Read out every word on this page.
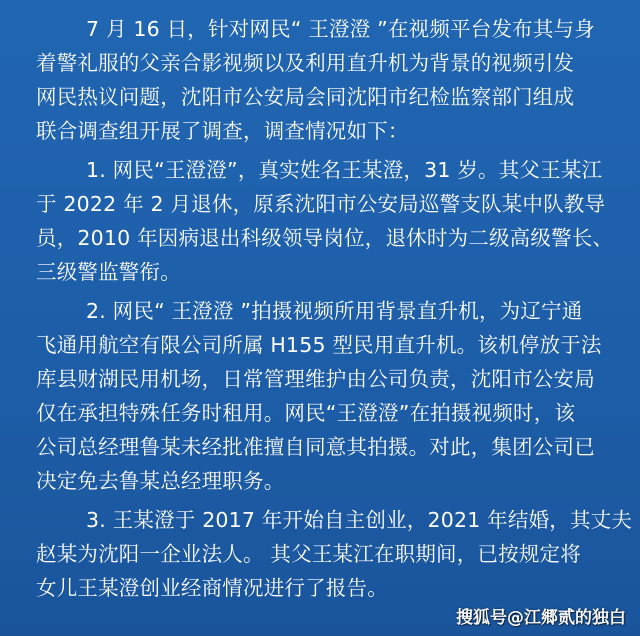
7 月 16 日，针对网民“ 王澄澄 ”在视频平台发布其与身
着警礼服的父亲合影视频以及利用直升机为背景的视频引发
网民热议问题，沈阳市公安局会同沈阳市纪检监察部门组成
联合调查组开展了调查，调查情况如下：
1. 网民“王澄澄”，真实姓名王某澄，31 岁。其父王某江
于 2022 年 2 月退休，原系沈阳市公安局巡警支队某中队教导
员，2010 年因病退出科级领导岗位，退休时为二级高级警长、
三级警监警衔。
2. 网民“ 王澄澄 ”拍摄视频所用背景直升机，为辽宁通
飞通用航空有限公司所属 H155 型民用直升机。该机停放于法
库县财湖民用机场，日常管理维护由公司负责，沈阳市公安局
仅在承担特殊任务时租用。网民“王澄澄”在拍摄视频时，该
公司总经理鲁某未经批准擅自同意其拍摄。对此，集团公司已
决定免去鲁某总经理职务。
3. 王某澄于 2017 年开始自主创业，2021 年结婚，其丈夫
赵某为沈阳一企业法人。 其父王某江在职期间，已按规定将
女儿王某澄创业经商情况进行了报告。
搜狐号@江郷贰的独白
